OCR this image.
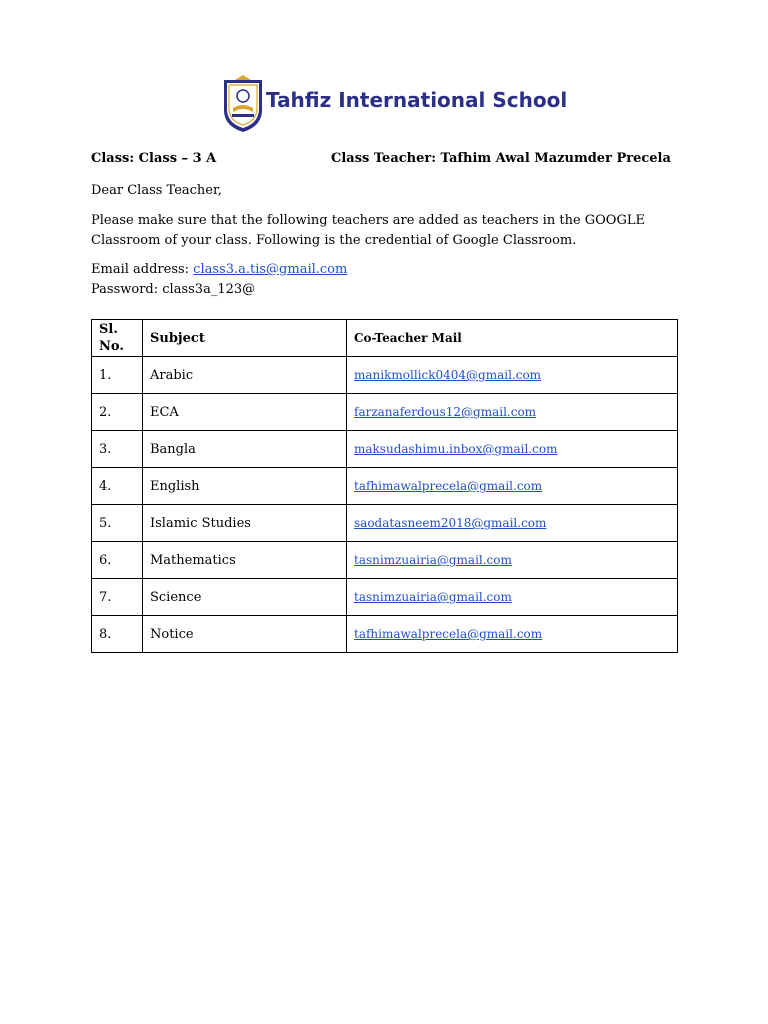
Tahfiz International School
Class: Class – 3 A	Class Teacher: Tafhim Awal Mazumder Precela
Dear Class Teacher,
Please make sure that the following teachers are added as teachers in the GOOGLE Classroom of your class. Following is the credential of Google Classroom.
Email address: class3.a.tis@gmail.com
Password: class3a_123@
Sl. No.	Subject	Co-Teacher Mail
1.	Arabic	manikmollick0404@gmail.com
2.	ECA	farzanaferdous12@gmail.com
3.	Bangla	maksudashimu.inbox@gmail.com
4.	English	tafhimawalprecela@gmail.com
5.	Islamic Studies	saodatasneem2018@gmail.com
6.	Mathematics	tasnimzuairia@gmail.com
7.	Science	tasnimzuairia@gmail.com
8.	Notice	tafhimawalprecela@gmail.com
